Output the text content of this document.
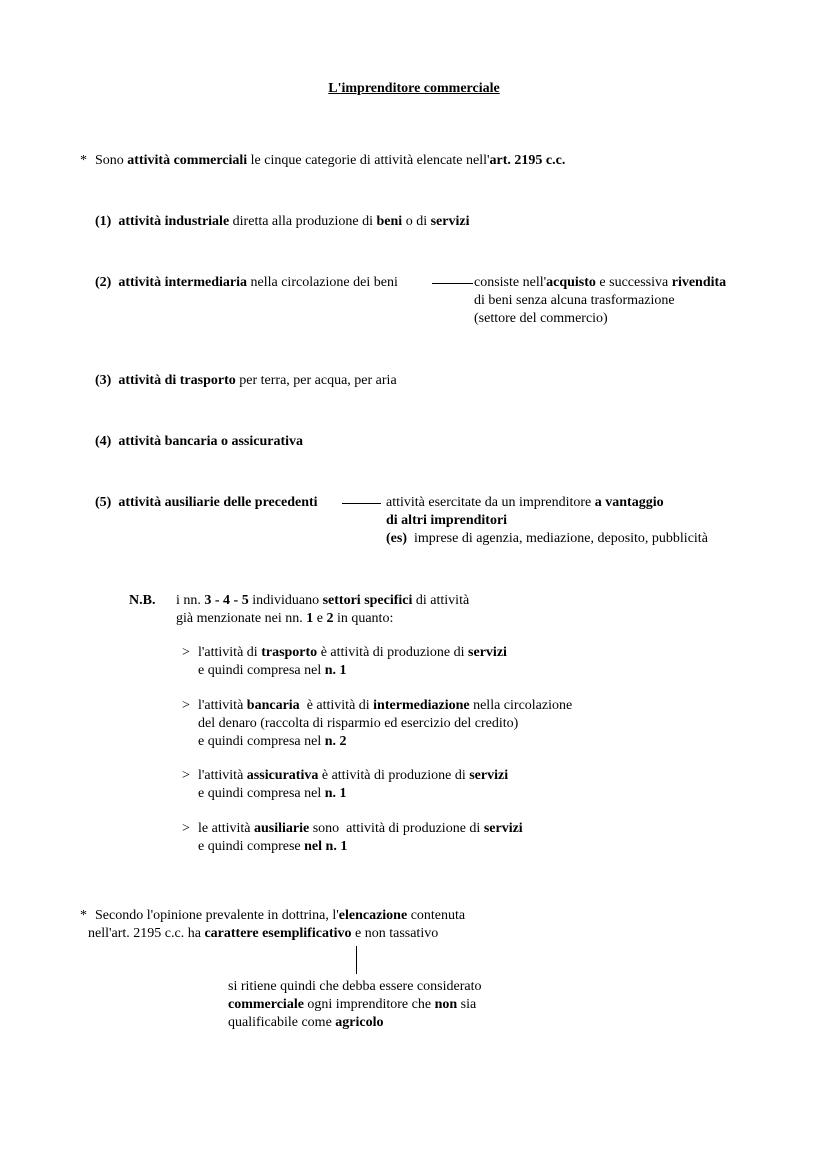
L'imprenditore commerciale
* Sono attività commerciali le cinque categorie di attività elencate nell'art. 2195 c.c.
(1) attività industriale diretta alla produzione di beni o di servizi
(2) attività intermediaria nella circolazione dei beni	consiste nell'acquisto e successiva rivendita
di beni senza alcuna trasformazione
(settore del commercio)
(3) attività di trasporto per terra, per acqua, per aria
(4) attività bancaria o assicurativa
(5) attività ausiliarie delle precedenti	attività esercitate da un imprenditore a vantaggio
di altri imprenditori
(es) imprese di agenzia, mediazione, deposito, pubblicità
N.B. i nn. 3 - 4 - 5 individuano settori specifici di attività
già menzionate nei nn. 1 e 2 in quanto:
> l'attività di trasporto è attività di produzione di servizi
e quindi compresa nel n. 1
> l'attività bancaria  è attività di intermediazione nella circolazione
del denaro (raccolta di risparmio ed esercizio del credito)
e quindi compresa nel n. 2
> l'attività assicurativa è attività di produzione di servizi
e quindi compresa nel n. 1
> le attività ausiliarie sono  attività di produzione di servizi
e quindi comprese nel n. 1
* Secondo l'opinione prevalente in dottrina, l'elencazione contenuta
nell'art. 2195 c.c. ha carattere esemplificativo e non tassativo
si ritiene quindi che debba essere considerato
commerciale ogni imprenditore che non sia
qualificabile come agricolo
